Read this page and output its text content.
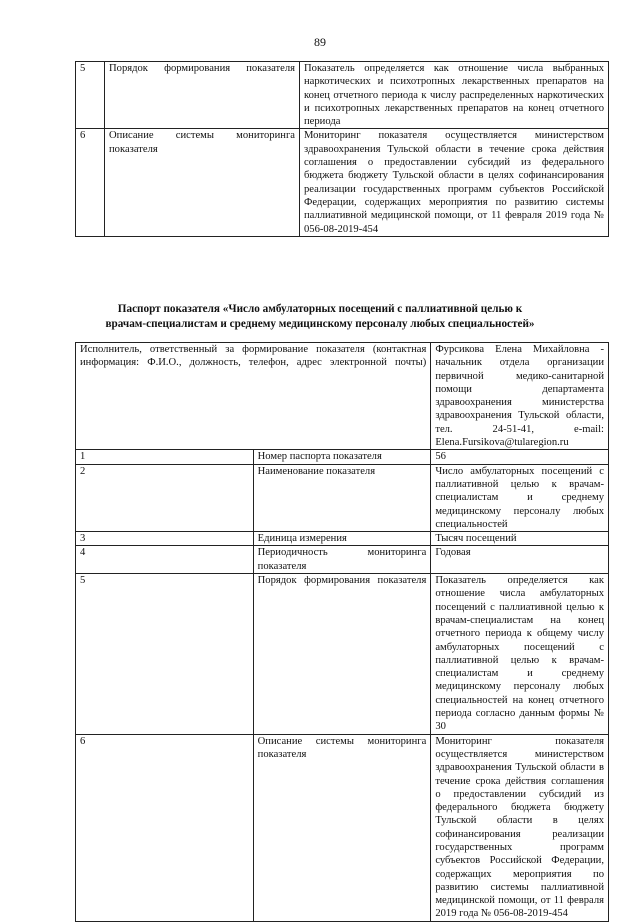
89
5	Порядок формирования показателя	Показатель определяется как отношение числа выбранных наркотических и психотропных лекарственных препаратов на конец отчетного периода к числу распределенных наркотических и психотропных лекарственных препаратов на конец отчетного периода
6	Описание системы мониторинга показателя	Мониторинг показателя осуществляется министерством здравоохранения Тульской области в течение срока действия соглашения о предоставлении субсидий из федерального бюджета бюджету Тульской области в целях софинансирования реализации государственных программ субъектов Российской Федерации, содержащих мероприятия по развитию системы паллиативной медицинской помощи, от 11 февраля 2019 года № 056-08-2019-454
Паспорт показателя «Число амбулаторных посещений с паллиативной целью к
врачам-специалистам и среднему медицинскому персоналу любых специальностей»
Исполнитель, ответственный за формирование показателя (контактная информация: Ф.И.О., должность, телефон, адрес электронной почты)		Фурсикова Елена Михайловна - начальник отдела организации первичной медико-санитарной помощи департамента здравоохранения министерства здравоохранения Тульской области, тел. 24-51-41, e-mail: Elena.Fursikova@tularegion.ru
1	Номер паспорта показателя	56
2	Наименование показателя	Число амбулаторных посещений с паллиативной целью к врачам-специалистам и среднему медицинскому персоналу любых специальностей
3	Единица измерения	Тысяч посещений
4	Периодичность мониторинга показателя	Годовая
5	Порядок формирования показателя	Показатель определяется как отношение числа амбулаторных посещений с паллиативной целью к врачам-специалистам на конец отчетного периода к общему числу амбулаторных посещений с паллиативной целью к врачам-специалистам и среднему медицинскому персоналу любых специальностей на конец отчетного периода согласно данным формы № 30
6	Описание системы мониторинга показателя	Мониторинг показателя осуществляется министерством здравоохранения Тульской области в течение срока действия соглашения о предоставлении субсидий из федерального бюджета бюджету Тульской области в целях софинансирования реализации государственных программ субъектов Российской Федерации, содержащих мероприятия по развитию системы паллиативной медицинской помощи, от 11 февраля 2019 года № 056-08-2019-454
